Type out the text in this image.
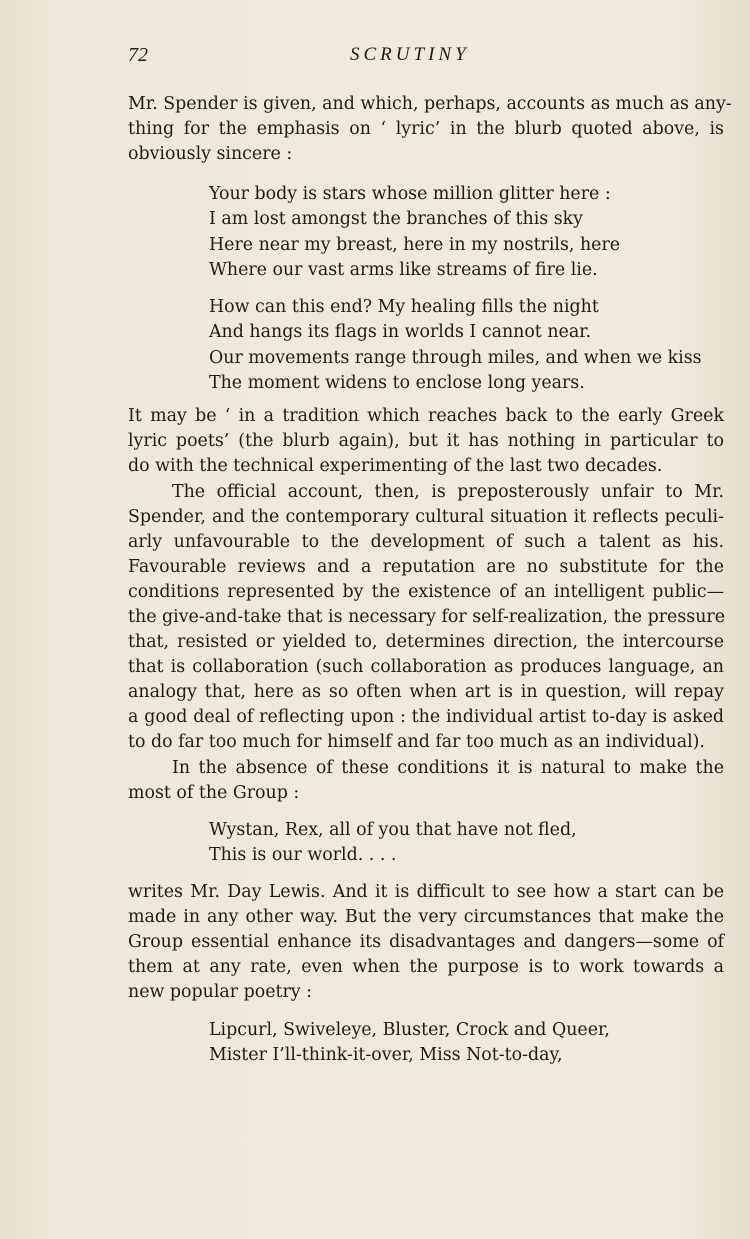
72	SCRUTINY
Mr. Spender is given, and which, perhaps, accounts as much as any-
thing for the emphasis on ‘ lyric’ in the blurb quoted above, is
obviously sincere :
Your body is stars whose million glitter here :
I am lost amongst the branches of this sky
Here near my breast, here in my nostrils, here
Where our vast arms like streams of fire lie.
How can this end? My healing fills the night
And hangs its flags in worlds I cannot near.
Our movements range through miles, and when we kiss
The moment widens to enclose long years.
It may be ‘ in a tradition which reaches back to the early Greek
lyric poets’ (the blurb again), but it has nothing in particular to
do with the technical experimenting of the last two decades.
The official account, then, is preposterously unfair to Mr.
Spender, and the contemporary cultural situation it reflects peculi-
arly unfavourable to the development of such a talent as his.
Favourable reviews and a reputation are no substitute for the
conditions represented by the existence of an intelligent public—
the give-and-take that is necessary for self-realization, the pressure
that, resisted or yielded to, determines direction, the intercourse
that is collaboration (such collaboration as produces language, an
analogy that, here as so often when art is in question, will repay
a good deal of reflecting upon : the individual artist to-day is asked
to do far too much for himself and far too much as an individual).
In the absence of these conditions it is natural to make the
most of the Group :
Wystan, Rex, all of you that have not fled,
This is our world. . . .
writes Mr. Day Lewis. And it is difficult to see how a start can be
made in any other way. But the very circumstances that make the
Group essential enhance its disadvantages and dangers—some of
them at any rate, even when the purpose is to work towards a
new popular poetry :
Lipcurl, Swiveleye, Bluster, Crock and Queer,
Mister I’ll-think-it-over, Miss Not-to-day,
